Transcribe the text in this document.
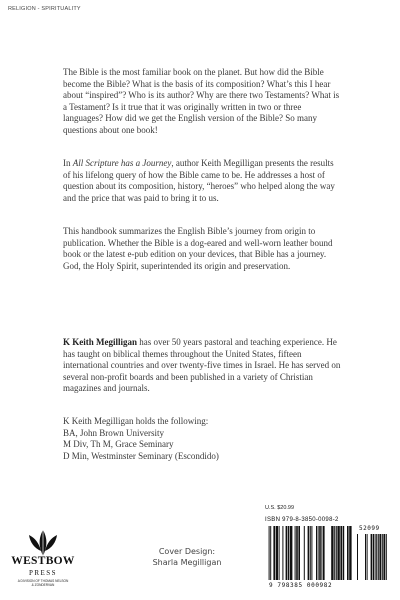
RELIGION - SPIRITUALITY

The Bible is the most familiar book on the planet. But how did the Bible become the Bible? What is the basis of its composition? What’s this I hear about “inspired”? Who is its author? Why are there two Testaments? What is a Testament? Is it true that it was originally written in two or three languages? How did we get the English version of the Bible? So many questions about one book!

In All Scripture has a Journey, author Keith Megilligan presents the results of his lifelong query of how the Bible came to be. He addresses a host of question about its composition, history, “heroes” who helped along the way and the price that was paid to bring it to us.

This handbook summarizes the English Bible’s journey from origin to publication. Whether the Bible is a dog-eared and well-worn leather bound book or the latest e-pub edition on your devices, that Bible has a journey. God, the Holy Spirit, superintended its origin and preservation.

K Keith Megilligan has over 50 years pastoral and teaching experience. He has taught on biblical themes throughout the United States, fifteen international countries and over twenty-five times in Israel. He has served on several non-profit boards and been published in a variety of Christian magazines and journals.

K Keith Megilligan holds the following:
BA, John Brown University
M Div, Th M, Grace Seminary
D Min, Westminster Seminary (Escondido)
WESTBOW
PRESS
A DIVISION OF THOMAS NELSON
& ZONDERVAN
Cover Design:
Sharla Megilligan
U.S. $20.99
ISBN 979-8-3850-0098-2
52099
9 798385 000982
